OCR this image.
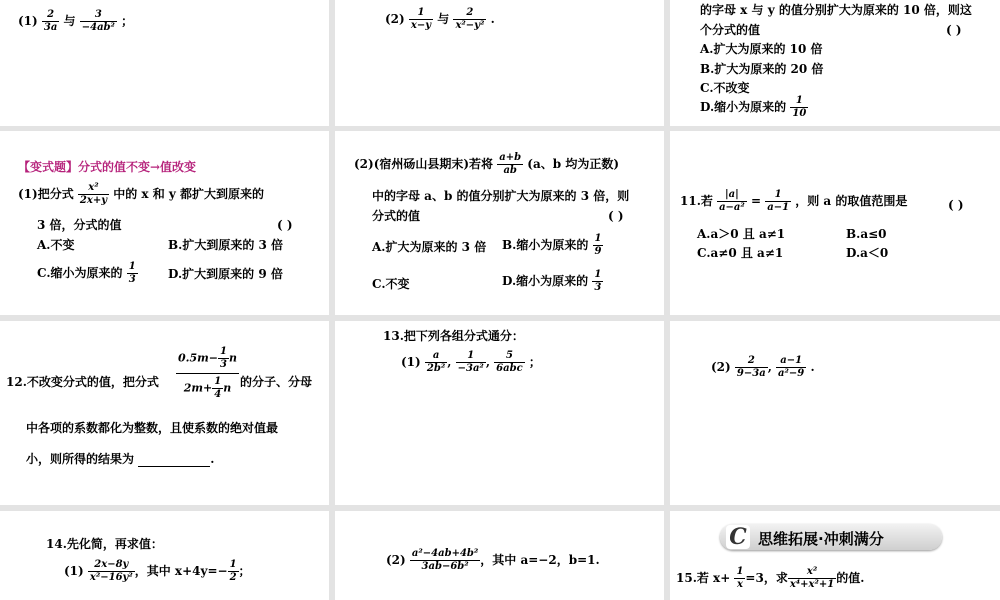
$(1) \frac{2}{3a}$ 与 $\frac{3}{\text{−4ab²}}$ ；	$(2) \frac{1}{x-y}$ 与 $\frac{2}{\text{x²−y²}}$ .
的字母 x 与 y 的值分别扩大为原来的 10 倍，则这
个分式的值	( )
A.扩大为原来的 10 倍
B.扩大为原来的 20 倍
C.不改变
D.缩小为原来的 $\frac{1}{10}$
【变式题】分式的值不变→值改变
(1)把分式 $\frac{\text{x²}}{2x+y}$ 中的 x 和 y 都扩大到原来的
3 倍，分式的值	( )
A.不变	B.扩大到原来的 3 倍
C.缩小为原来的 $\frac{1}{3}$	D.扩大到原来的 9 倍
(2)(宿州砀山县期末)若将 $\frac{a+b}{ab} (a$、b 均为正数)
中的字母 a、b 的值分别扩大为原来的 3 倍，则
分式的值	( )
A.扩大为原来的 3 倍 B.缩小为原来的 $\frac{1}{9}$
C.不变	D.缩小为原来的 $\frac{1}{3}$
11.若 $\frac{|a|}{\text{a−a²}} = \frac{1}{a-1}$ ，则 a 的取值范围是	( )
A.a＞0 且 a≠1	B.a≤0
C.a≠0 且 a≠1	D.a＜0
$\frac{0.5m- \frac{1}{3} n}{2m+ \frac{1}{4} n}$
12.不改变分式的值，把分式	的分子、分母
中各项的系数都化为整数，且使系数的绝对值最
小，则所得的结果为	.
13.把下列各组分式通分：
$(1) \frac{a}{\text{2b²}}$ , $\frac{1}{\text{−3a²}}$ , $\frac{5}{\text{6abc}}$ ；	$(2) \frac{2}{9-3a}$ , $\frac{a-1}{\text{a²−9}}$ .
14.先化简，再求值：
$(1) \frac{2x-8y}{\text{x²−16y²}}$ ，其中 $x+4y=- \frac{1}{2}$ ；
$(2) \frac{\text{a²−4ab+4b²}}{\text{3ab−6b²}}$ ，其中 a=−2，b=1.
C 思维拓展·冲刺满分
15.若 $x+ \frac{1}{x} =3$，求 $\frac{\text{x²}}{\text{x⁴+x²+1}}$ 的值.
